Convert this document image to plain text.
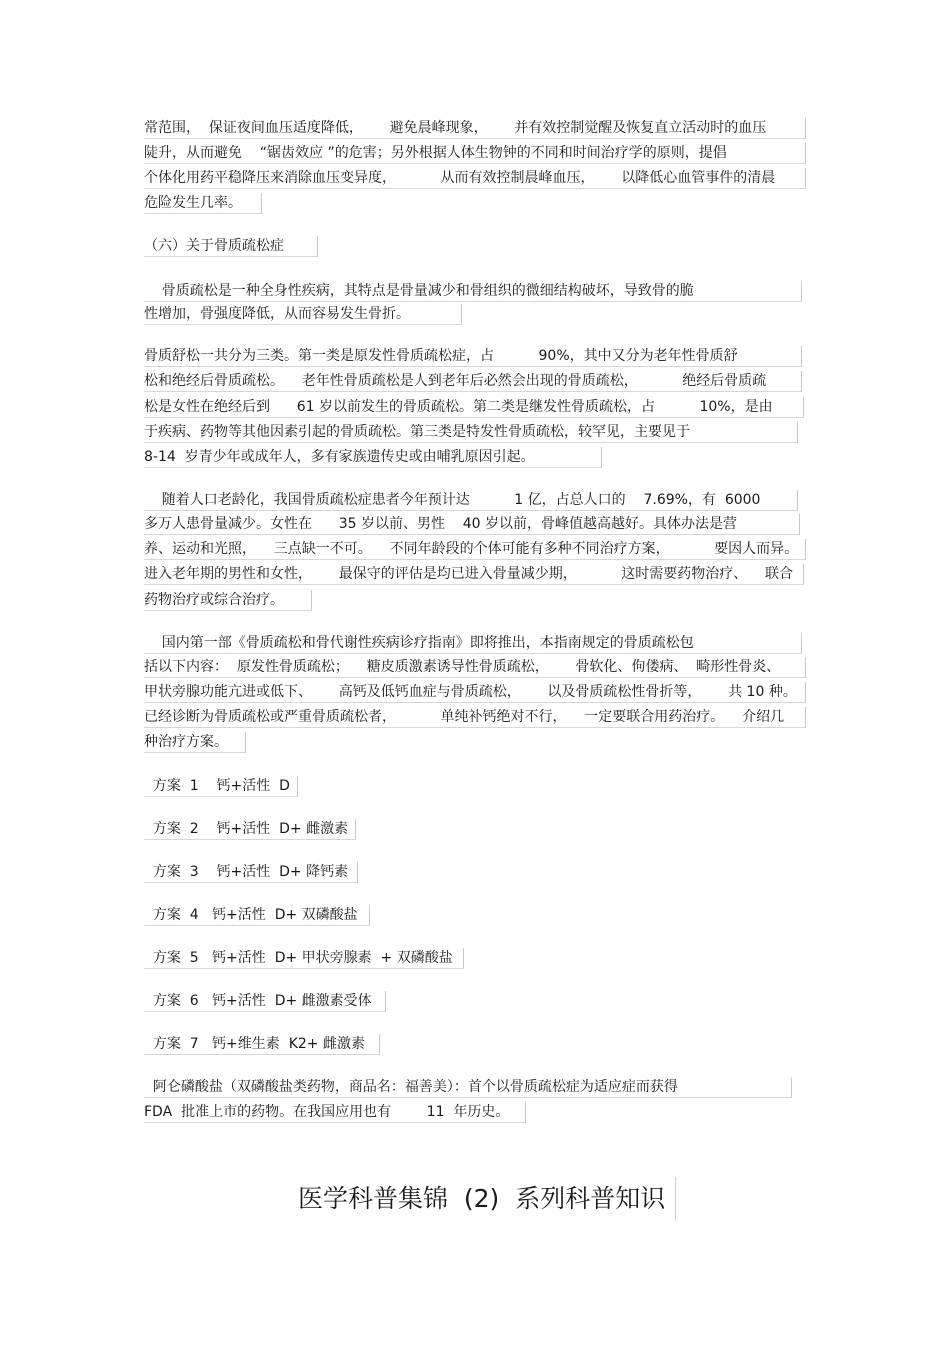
常范围，  保证夜间血压适度降低，      避免晨峰现象，      并有效控制觉醒及恢复直立活动时的血压
陡升，从而避免    “锯齿效应 ”的危害；另外根据人体生物钟的不同和时间治疗学的原则，提倡
个体化用药平稳降压来消除血压变异度，          从而有效控制晨峰血压，      以降低心血管事件的清晨
危险发生几率。
（六）关于骨质疏松症
骨质疏松是一种全身性疾病，其特点是骨量减少和骨组织的微细结构破坏，导致骨的脆
性增加，骨强度降低，从而容易发生骨折。
骨质舒松一共分为三类。第一类是原发性骨质疏松症，占          90%，其中又分为老年性骨质舒
松和绝经后骨质疏松。    老年性骨质疏松是人到老年后必然会出现的骨质疏松，          绝经后骨质疏
松是女性在绝经后到      61 岁以前发生的骨质疏松。第二类是继发性骨质疏松，占          10%，是由
于疾病、药物等其他因素引起的骨质疏松。第三类是特发性骨质疏松，较罕见，主要见于
8-14  岁青少年或成年人，多有家族遗传史或由哺乳原因引起。
随着人口老龄化，我国骨质疏松症患者今年预计达          1 亿，占总人口的    7.69%，有  6000
多万人患骨量减少。女性在      35 岁以前、男性    40 岁以前，骨峰值越高越好。具体办法是营
养、运动和光照，    三点缺一不可。    不同年龄段的个体可能有多种不同治疗方案，          要因人而异。
进入老年期的男性和女性，      最保守的评估是均已进入骨量减少期，          这时需要药物治疗、    联合
药物治疗或综合治疗。
国内第一部《骨质疏松和骨代谢性疾病诊疗指南》即将推出，本指南规定的骨质疏松包
括以下内容：  原发性骨质疏松；    糖皮质激素诱导性骨质疏松，      骨软化、佝偻病、  畸形性骨炎、
甲状旁腺功能亢进或低下、      高钙及低钙血症与骨质疏松，      以及骨质疏松性骨折等，      共 10 种。
已经诊断为骨质疏松或严重骨质疏松者，          单纯补钙绝对不行，    一定要联合用药治疗。    介绍几
种治疗方案。
方案  1    钙+活性  D
方案  2    钙+活性  D+ 雌激素
方案  3    钙+活性  D+ 降钙素
方案  4   钙+活性  D+ 双磷酸盐
方案  5   钙+活性  D+ 甲状旁腺素  + 双磷酸盐
方案  6   钙+活性  D+ 雌激素受体
方案  7   钙+维生素  K2+ 雌激素
阿仑磷酸盐（双磷酸盐类药物，商品名：福善美）：首个以骨质疏松症为适应症而获得
FDA  批准上市的药物。在我国应用也有        11  年历史。
医学科普集锦  (2)  系列科普知识
